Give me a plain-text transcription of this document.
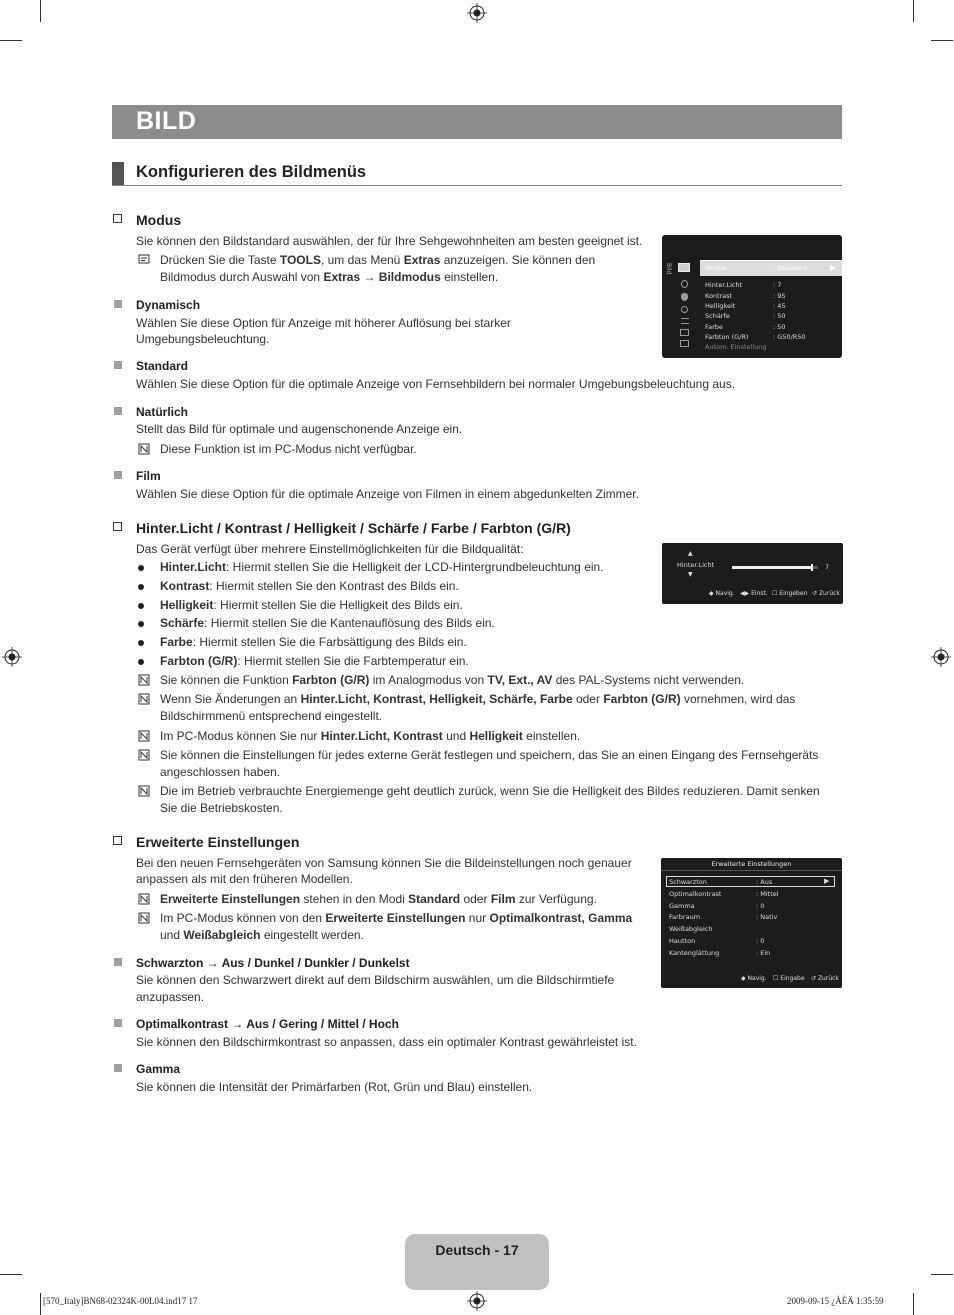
BILD
Konfigurieren des Bildmenüs
Modus
Sie können den Bildstandard auswählen, der für Ihre Sehgewohnheiten am besten geeignet ist.
Drücken Sie die Taste TOOLS, um das Menü Extras anzuzeigen. Sie können den
Bildmodus durch Auswahl von Extras → Bildmodus einstellen.
Dynamisch
Wählen Sie diese Option für Anzeige mit höherer Auflösung bei starker
Umgebungsbeleuchtung.
Standard
Wählen Sie diese Option für die optimale Anzeige von Fernsehbildern bei normaler Umgebungsbeleuchtung aus.
Natürlich
Stellt das Bild für optimale und augenschonende Anzeige ein.
Diese Funktion ist im PC-Modus nicht verfügbar.
Film
Wählen Sie diese Option für die optimale Anzeige von Filmen in einem abgedunkelten Zimmer.
Bild	Modus	: Standard	▶
Hinter.Licht	: 7
Kontrast	: 95
Helligkeit	: 45
Schärfe	: 50
Farbe	: 50
Farbton (G/R)	: G50/R50
Autom. Einstellung
Hinter.Licht / Kontrast / Helligkeit / Schärfe / Farbe / Farbton (G/R)
Das Gerät verfügt über mehrere Einstellmöglichkeiten für die Bildqualität:
Hinter.Licht: Hiermit stellen Sie die Helligkeit der LCD-Hintergrundbeleuchtung ein.
Kontrast: Hiermit stellen Sie den Kontrast des Bilds ein.
Helligkeit: Hiermit stellen Sie die Helligkeit des Bilds ein.
Schärfe: Hiermit stellen Sie die Kantenauflösung des Bilds ein.
Farbe: Hiermit stellen Sie die Farbsättigung des Bilds ein.
Farbton (G/R): Hiermit stellen Sie die Farbtemperatur ein.
Sie können die Funktion Farbton (G/R) im Analogmodus von TV, Ext., AV des PAL-Systems nicht verwenden.
Wenn Sie Änderungen an Hinter.Licht, Kontrast, Helligkeit, Schärfe, Farbe oder Farbton (G/R) vornehmen, wird das
Bildschirmmenü entsprechend eingestellt.
Im PC-Modus können Sie nur Hinter.Licht, Kontrast und Helligkeit einstellen.
Sie können die Einstellungen für jedes externe Gerät festlegen und speichern, das Sie an einen Eingang des Fernsehgeräts
angeschlossen haben.
Die im Betrieb verbrauchte Energiemenge geht deutlich zurück, wenn Sie die Helligkeit des Bildes reduzieren. Damit senken
Sie die Betriebskosten.
▲
Hinter.Licht
▼
7
◆ Navig. ◀▶ Einst. ☐ Eingeben ↺ Zurück
Erweiterte Einstellungen
Bei den neuen Fernsehgeräten von Samsung können Sie die Bildeinstellungen noch genauer
anpassen als mit den früheren Modellen.
Erweiterte Einstellungen stehen in den Modi Standard oder Film zur Verfügung.
Im PC-Modus können von den Erweiterte Einstellungen nur Optimalkontrast, Gamma
und Weißabgleich eingestellt werden.
Schwarzton → Aus / Dunkel / Dunkler / Dunkelst
Sie können den Schwarzwert direkt auf dem Bildschirm auswählen, um die Bildschirmtiefe
anzupassen.
Optimalkontrast → Aus / Gering / Mittel / Hoch
Sie können den Bildschirmkontrast so anpassen, dass ein optimaler Kontrast gewährleistet ist.
Gamma
Sie können die Intensität der Primärfarben (Rot, Grün und Blau) einstellen.
Erweiterte Einstellungen
Schwarzton	: Aus	▶
Optimalkontrast	: Mittel
Gamma	: 0
Farbraum	: Nativ
Weißabgleich
Hautton	: 0
Kantenglättung	: Ein
◆ Navig. ☐ Eingabe ↺ Zurück
Deutsch - 17
[570_Italy]BN68-02324K-00L04.ind17 17	2009-09-15 ¿ÀÈÄ 1:35:59
